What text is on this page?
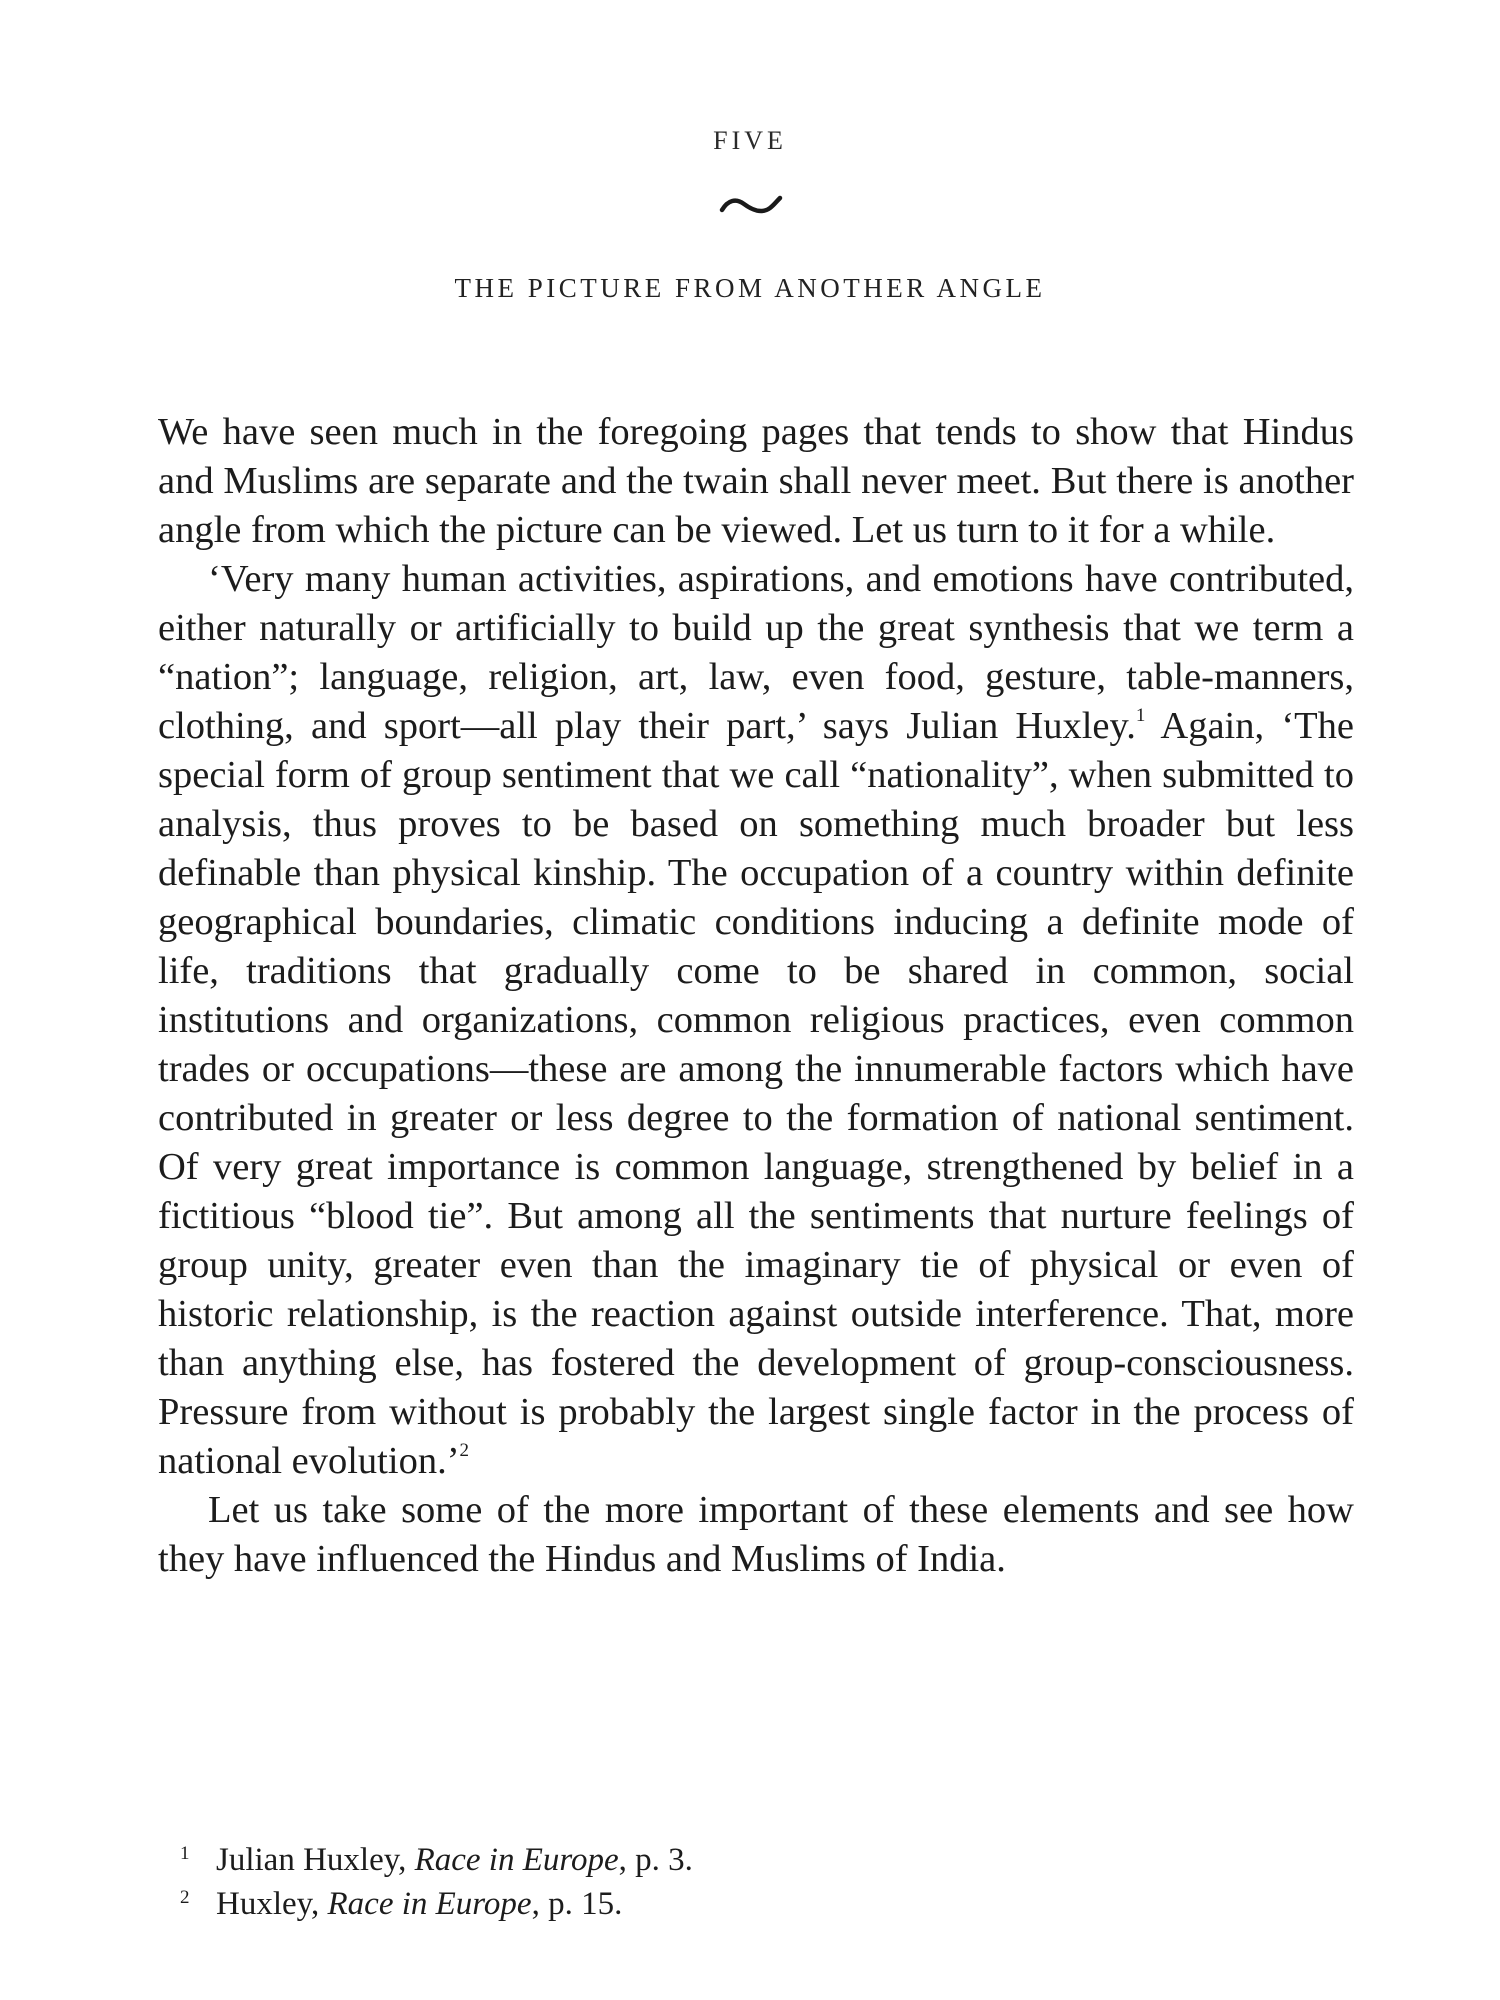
FIVE
THE PICTURE FROM ANOTHER ANGLE

We have seen much in the foregoing pages that tends to show that Hindus and Muslims are separate and the twain shall never meet. But there is another angle from which the picture can be viewed. Let us turn to it for a while.

‘Very many human activities, aspirations, and emotions have contributed, either naturally or artificially to build up the great synthesis that we term a “nation”; language, religion, art, law, even food, gesture, table-manners, clothing, and sport—all play their part,’ says Julian Huxley.$^1$ Again, ‘The special form of group sentiment that we call “nationality”, when submitted to analysis, thus proves to be based on something much broader but less definable than physical kinship. The occupation of a country within definite geographical boundaries, climatic conditions inducing a definite mode of life, traditions that gradually come to be shared in common, social institutions and organizations, common religious practices, even common trades or occupations—these are among the innumerable factors which have contributed in greater or less degree to the formation of national sentiment. Of very great importance is common language, strengthened by belief in a fictitious “blood tie”. But among all the sentiments that nurture feelings of group unity, greater even than the imaginary tie of physical or even of historic relationship, is the reaction against outside interference. That, more than anything else, has fostered the development of group-consciousness. Pressure from without is probably the largest single factor in the process of national evolution.’$^2$

Let us take some of the more important of these elements and see how they have influenced the Hindus and Muslims of India.

1 Julian Huxley, Race in Europe, p. 3.
2 Huxley, Race in Europe, p. 15.
